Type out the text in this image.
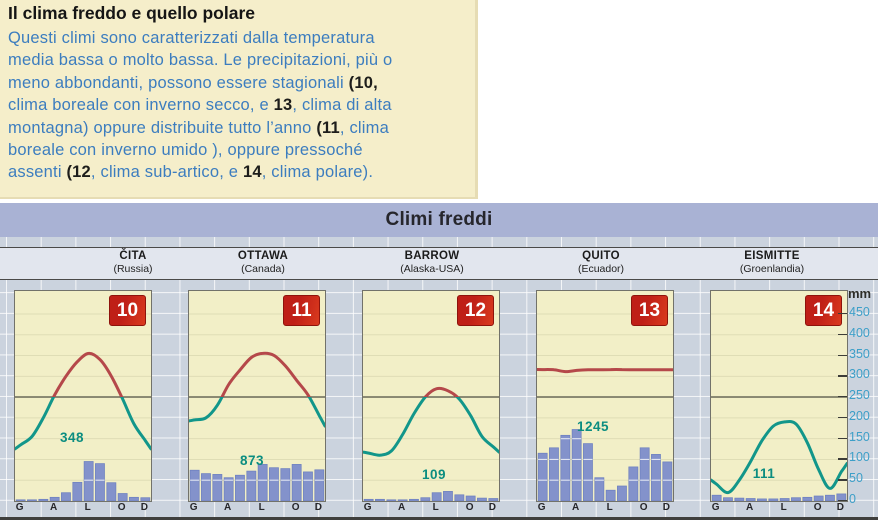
Il clima freddo e quello polare
Questi climi sono caratterizzati dalla temperatura
media bassa o molto bassa. Le precipitazioni, più o
meno abbondanti, possono essere stagionali (10,
clima boreale con inverno secco, e 13, clima di alta
montagna) oppure distribuite tutto l’anno (11, clima
boreale con inverno umido ), oppure pressoché
assenti (12, clima sub-artico, e 14, clima polare).
Climi freddi
ČITA
(Russia)
10
348
G	A	L	O D
OTTAWA
(Canada)
11
873
G	A	L	O D
BARROW
(Alaska-USA)
12
109
G	A	L	O D
QUITO
(Ecuador)
13
1245
G	A	L	O D
EISMITTE
(Groenlandia)
14
111
G	A	L	O D
mm
450
400
350
300
250
200
150
100
50
0
